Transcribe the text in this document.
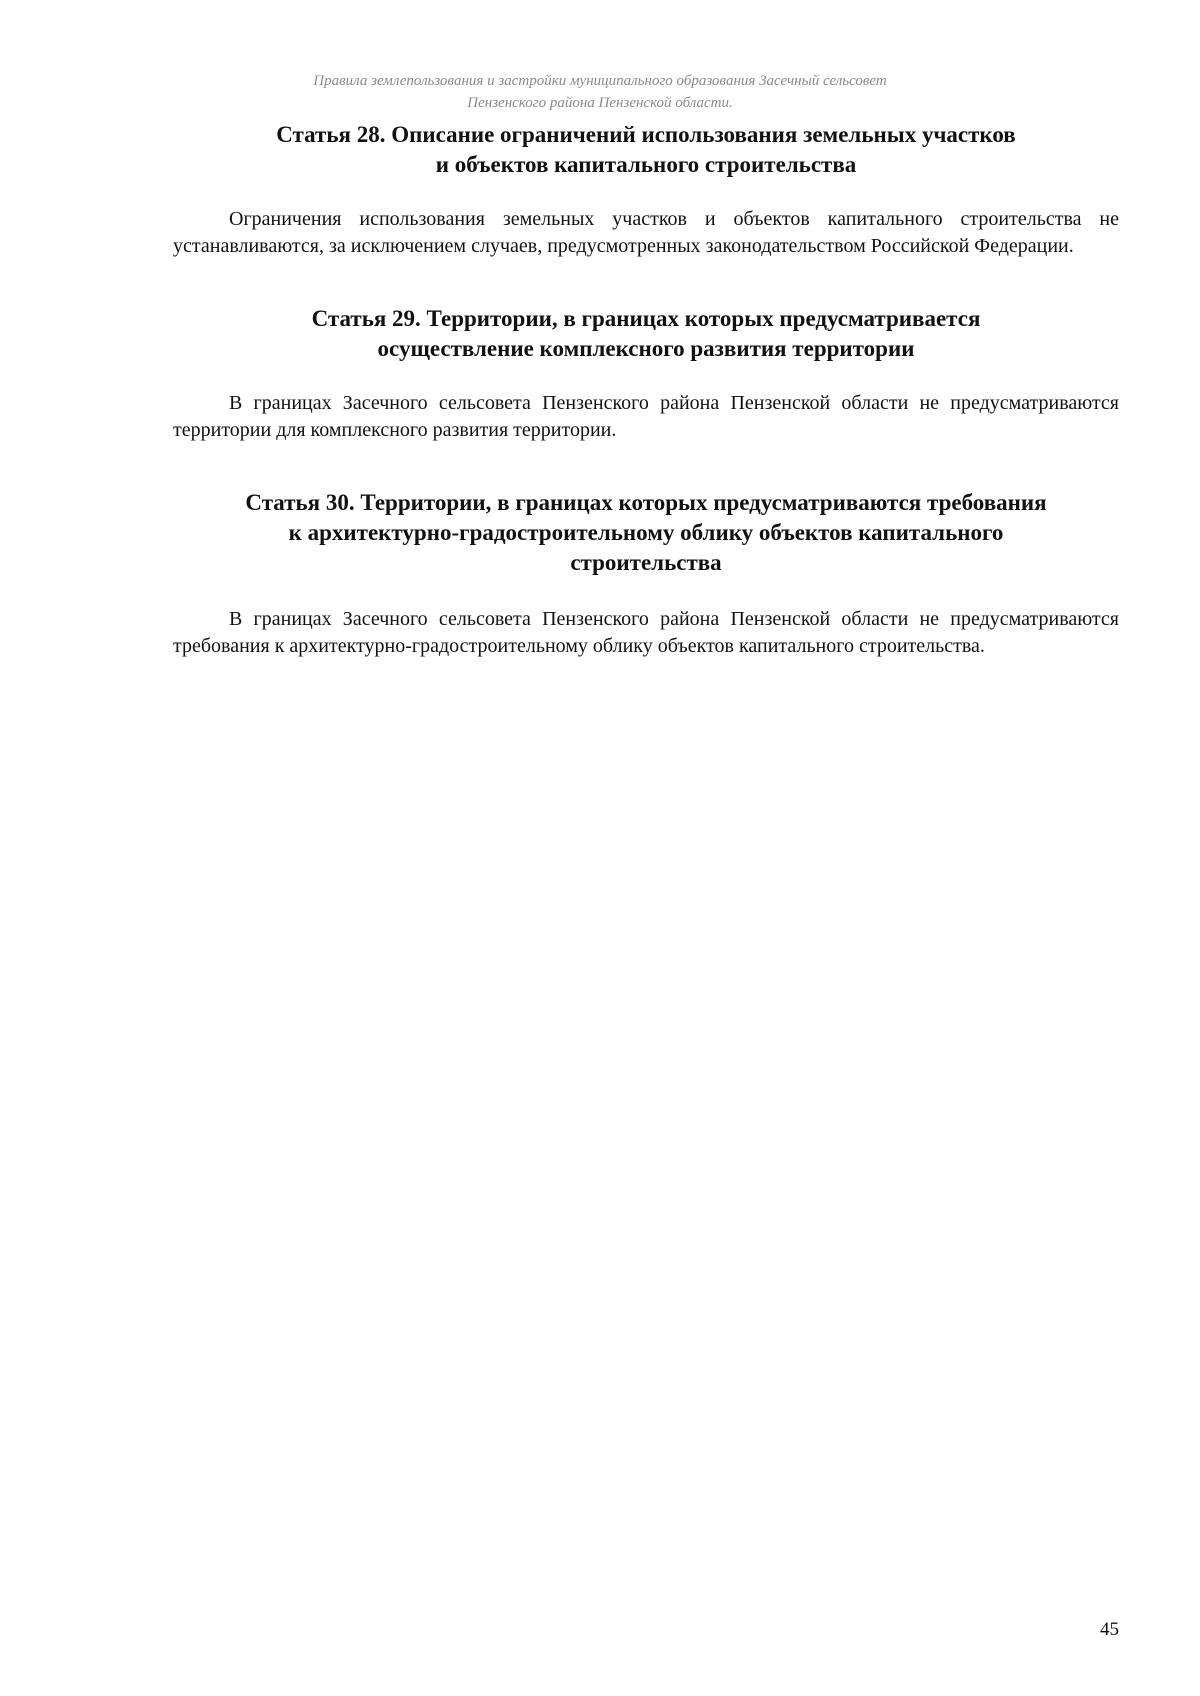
Правила землепользования и застройки муниципального образования Засечный сельсовет
Пензенского района Пензенской области.
Статья 28. Описание ограничений использования земельных участков
и объектов капитального строительства

Ограничения использования земельных участков и объектов капитального строительства не устанавливаются, за исключением случаев, предусмотренных законодательством Российской Федерации.

Статья 29. Территории, в границах которых предусматривается
осуществление комплексного развития территории

В границах Засечного сельсовета Пензенского района Пензенской области не предусматриваются территории для комплексного развития территории.

Статья 30. Территории, в границах которых предусматриваются требования
к архитектурно-градостроительному облику объектов капитального
строительства

В границах Засечного сельсовета Пензенского района Пензенской области не предусматриваются требования к архитектурно-градостроительному облику объектов капитального строительства.

45
